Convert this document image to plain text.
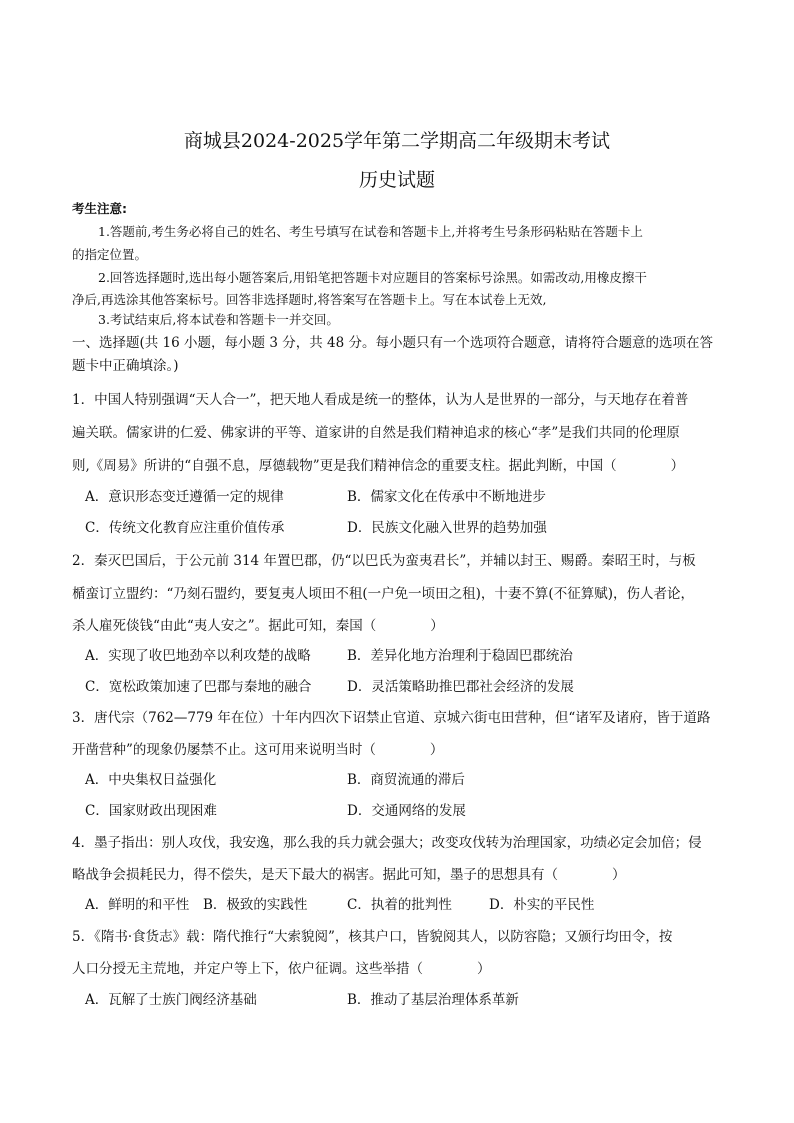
商城县2024-2025学年第二学期高二年级期末考试
历史试题
考生注意:
1.答题前,考生务必将自己的姓名、考生号填写在试卷和答题卡上,并将考生号条形码粘贴在答题卡上
的指定位置。
2.回答选择题时,选出每小题答案后,用铅笔把答题卡对应题目的答案标号涂黑。如需改动,用橡皮擦干
净后,再选涂其他答案标号。回答非选择题时,将答案写在答题卡上。写在本试卷上无效,
3.考试结束后,将本试卷和答题卡一并交回。
一、选择题(共 16 小题，每小题 3 分，共 48 分。每小题只有一个选项符合题意，请将符合题意的选项在答
题卡中正确填涂。)
1．中国人特别强调“天人合一”，把天地人看成是统一的整体，认为人是世界的一部分，与天地存在着普
遍关联。儒家讲的仁爱、佛家讲的平等、道家讲的自然是我们精神追求的核心“孝”是我们共同的伦理原
则,《周易》所讲的“自强不息，厚德载物”更是我们精神信念的重要支柱。据此判断，中国（　　　　）
A．意识形态变迁遵循一定的规律	B．儒家文化在传承中不断地进步
C．传统文化教育应注重价值传承	D．民族文化融入世界的趋势加强
2．秦灭巴国后，于公元前 314 年置巴郡，仍“以巴氏为蛮夷君长”，并辅以封王、赐爵。秦昭王时，与板
楯蛮订立盟约：“乃刻石盟约，要复夷人顷田不租(一户免一顷田之租)，十妻不算(不征算赋)，伤人者论，
杀人雇死倓钱“由此“夷人安之”。据此可知，秦国（　　　　）
A．实现了收巴地劲卒以利攻楚的战略	B．差异化地方治理利于稳固巴郡统治
C．宽松政策加速了巴郡与秦地的融合	D．灵活策略助推巴郡社会经济的发展
3．唐代宗（762—779 年在位）十年内四次下诏禁止官道、京城六街屯田营种，但“诸军及诸府，皆于道路
开凿营种”的现象仍屡禁不止。这可用来说明当时（　　　　）
A．中央集权日益强化	B．商贸流通的滞后
C．国家财政出现困难	D．交通网络的发展
4．墨子指出：别人攻伐，我安逸，那么我的兵力就会强大；改变攻伐转为治理国家，功绩必定会加倍；侵
略战争会损耗民力，得不偿失，是天下最大的祸害。据此可知，墨子的思想具有（　　　　）
A．鲜明的和平性 B．极致的实践性	C．执着的批判性	D．朴实的平民性
5．《隋书·食货志》载：隋代推行“大索貌阅”，核其户口，皆貌阅其人，以防容隐；又颁行均田令，按
人口分授无主荒地，并定户等上下，依户征调。这些举措（　　　　）
A．瓦解了士族门阀经济基础	B．推动了基层治理体系革新
